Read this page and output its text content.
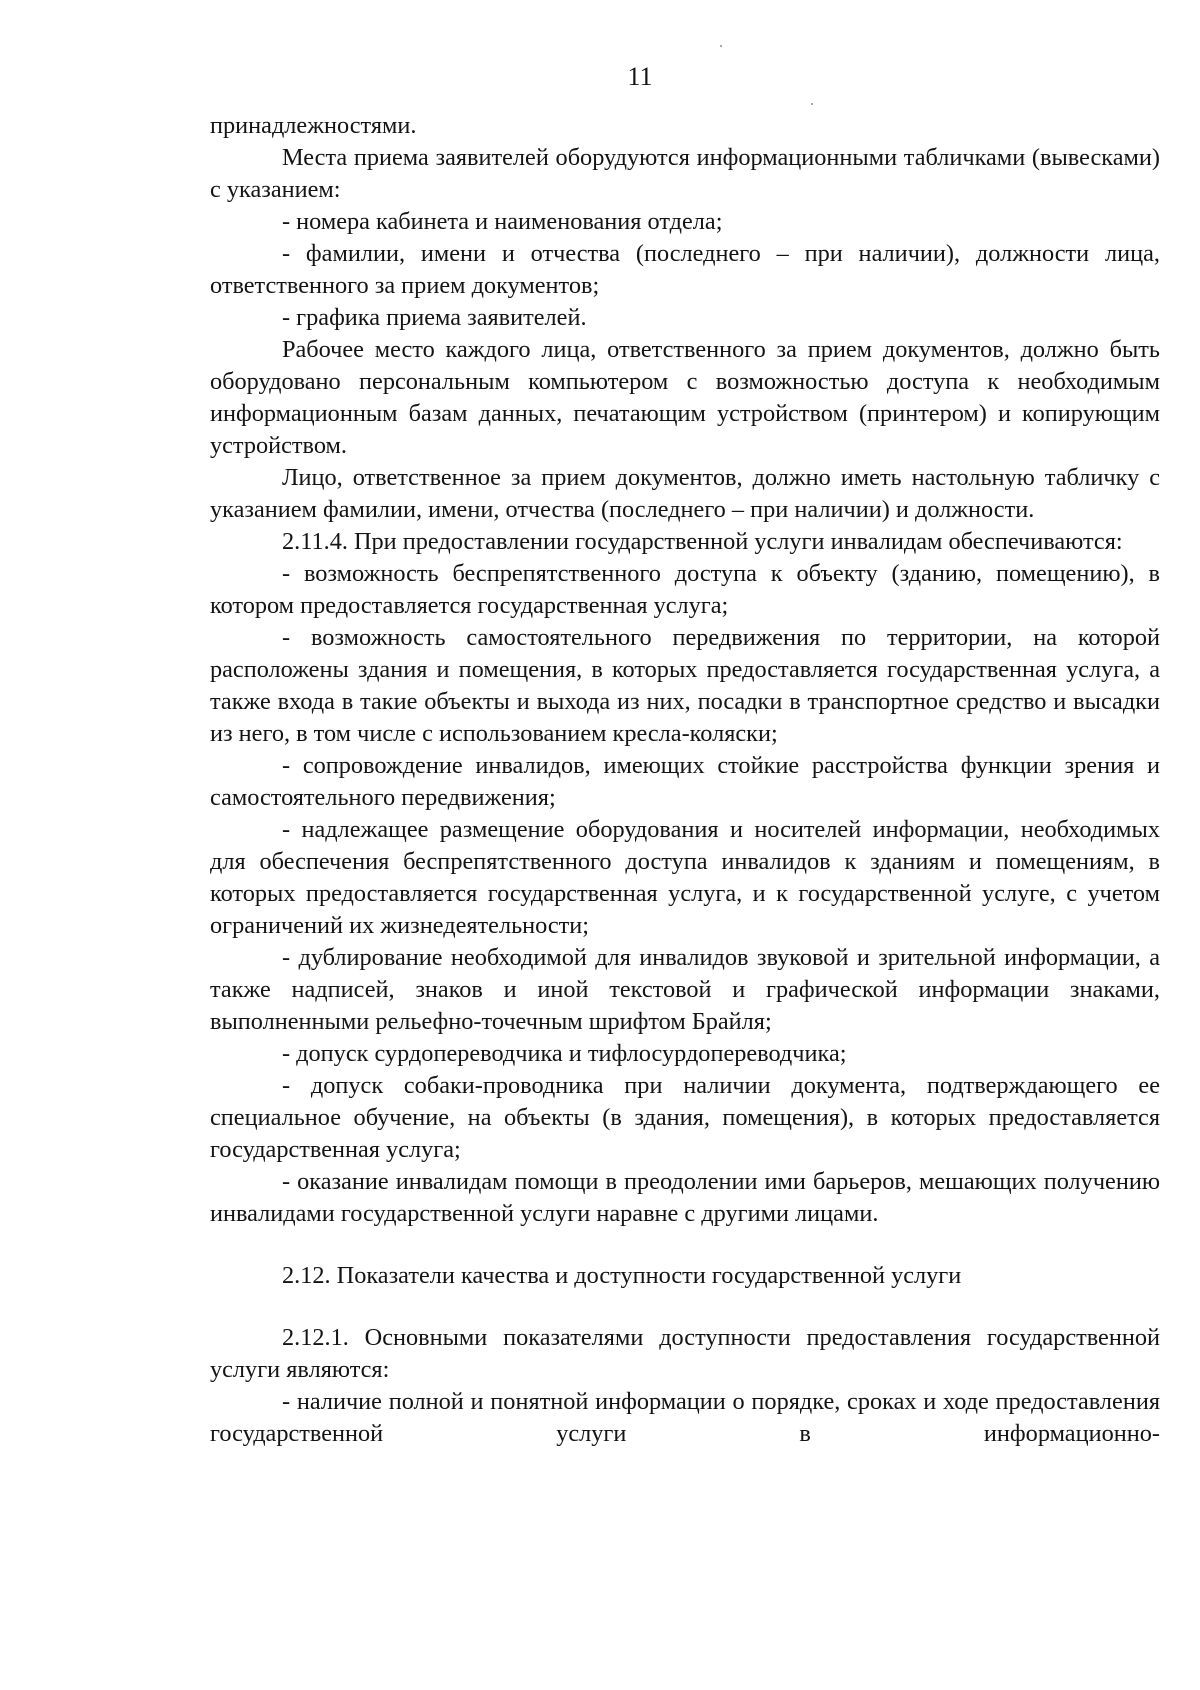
11

принадлежностями.

Места приема заявителей оборудуются информационными табличками (вывесками) с указанием:

- номера кабинета и наименования отдела;

- фамилии, имени и отчества (последнего – при наличии), должности лица, ответственного за прием документов;

- графика приема заявителей.

Рабочее место каждого лица, ответственного за прием документов, должно быть оборудовано персональным компьютером с возможностью доступа к необходимым информационным базам данных, печатающим устройством (принтером) и копирующим устройством.

Лицо, ответственное за прием документов, должно иметь настольную табличку с указанием фамилии, имени, отчества (последнего – при наличии) и должности.

2.11.4. При предоставлении государственной услуги инвалидам обеспечиваются:

- возможность беспрепятственного доступа к объекту (зданию, помещению), в котором предоставляется государственная услуга;

- возможность самостоятельного передвижения по территории, на которой расположены здания и помещения, в которых предоставляется государственная услуга, а также входа в такие объекты и выхода из них, посадки в транспортное средство и высадки из него, в том числе с использованием кресла-коляски;

- сопровождение инвалидов, имеющих стойкие расстройства функции зрения и самостоятельного передвижения;

- надлежащее размещение оборудования и носителей информации, необходимых для обеспечения беспрепятственного доступа инвалидов к зданиям и помещениям, в которых предоставляется государственная услуга, и к государственной услуге, с учетом ограничений их жизнедеятельности;

- дублирование необходимой для инвалидов звуковой и зрительной информации, а также надписей, знаков и иной текстовой и графической информации знаками, выполненными рельефно-точечным шрифтом Брайля;

- допуск сурдопереводчика и тифлосурдопереводчика;

- допуск собаки-проводника при наличии документа, подтверждающего ее специальное обучение, на объекты (в здания, помещения), в которых предоставляется государственная услуга;

- оказание инвалидам помощи в преодолении ими барьеров, мешающих получению инвалидами государственной услуги наравне с другими лицами.

2.12. Показатели качества и доступности государственной услуги

2.12.1. Основными показателями доступности предоставления государственной услуги являются:

- наличие полной и понятной информации о порядке, сроках и ходе предоставления государственной услуги в информационно-
